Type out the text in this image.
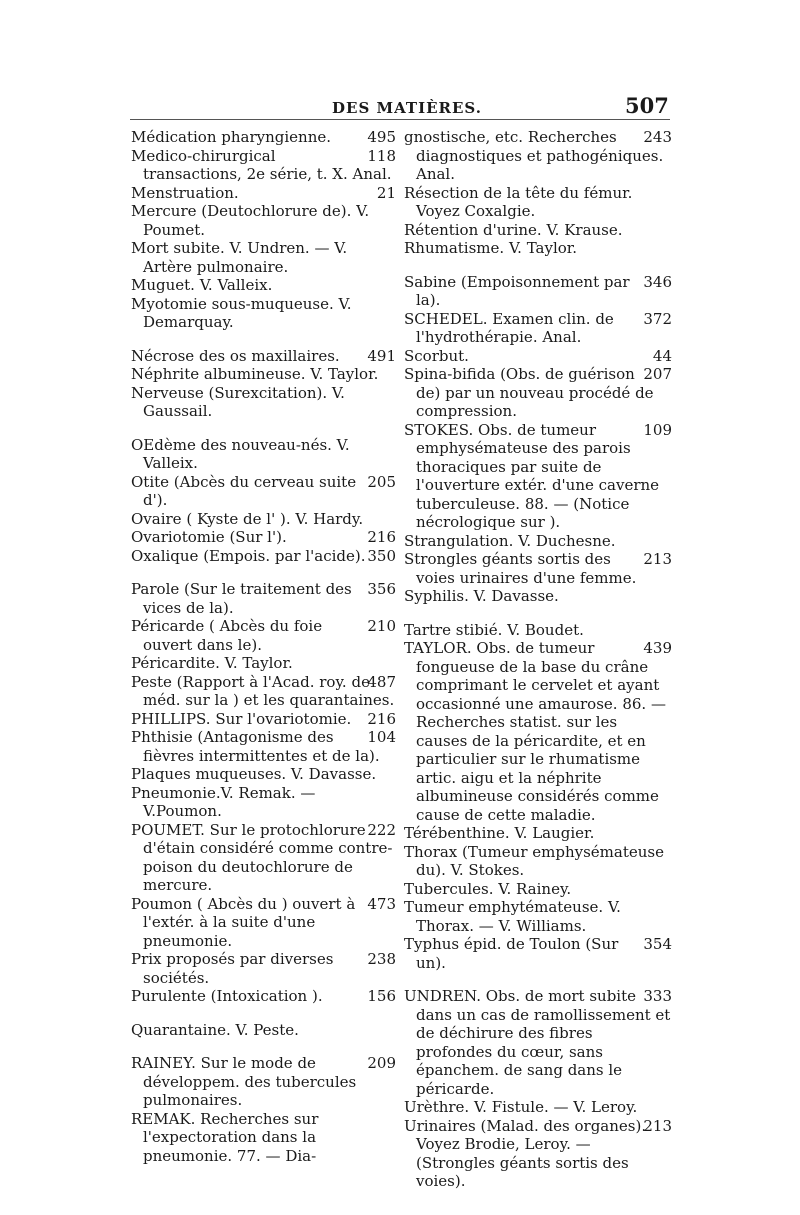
DES MATIÈRES.	507

495
Médication pharyngienne.

118
Medico-chirurgical transactions, 2e série, t. X. Anal.

21
Menstruation.

Mercure (Deutochlorure de). V. Poumet.

Mort subite. V. Undren. — V. Artère pulmonaire.

Muguet. V. Valleix.

Myotomie sous-muqueuse. V. Demarquay.

491
Nécrose des os maxillaires.

Néphrite albumineuse. V. Taylor.

Nerveuse (Surexcitation). V. Gaussail.

OEdème des nouveau-nés. V. Valleix.

205
Otite (Abcès du cerveau suite d').

Ovaire ( Kyste de l' ). V. Hardy.

216
Ovariotomie (Sur l').

350
Oxalique (Empois. par l'acide).

356
Parole (Sur le traitement des vices de la).

210
Péricarde ( Abcès du foie ouvert dans le).

Péricardite. V. Taylor.

487
Peste (Rapport à l'Acad. roy. de méd. sur la ) et les quarantaines.

216
PHILLIPS. Sur l'ovariotomie.

104
Phthisie (Antagonisme des fièvres intermittentes et de la).

Plaques muqueuses. V. Davasse.

Pneumonie.V. Remak. — V.Poumon.

222
POUMET. Sur le protochlorure d'étain considéré comme contre-poison du deutochlorure de mercure.

473
Poumon ( Abcès du ) ouvert à l'extér. à la suite d'une pneumonie.

238
Prix proposés par diverses sociétés.

156
Purulente (Intoxication ).

Quarantaine. V. Peste.

209
RAINEY. Sur le mode de développem. des tubercules pulmonaires.

REMAK. Recherches sur l'expectoration dans la pneumonie. 77. — Dia-

243
gnostische, etc. Recherches diagnostiques et pathogéniques. Anal.

Résection de la tête du fémur. Voyez Coxalgie.

Rétention d'urine. V. Krause.

Rhumatisme. V. Taylor.

346
Sabine (Empoisonnement par la).

372
SCHEDEL. Examen clin. de l'hydrothérapie. Anal.

44
Scorbut.

207
Spina-bifida (Obs. de guérison de) par un nouveau procédé de compression.

109
STOKES. Obs. de tumeur emphysémateuse des parois thoraciques par suite de l'ouverture extér. d'une caverne tuberculeuse. 88. — (Notice nécrologique sur ).

Strangulation. V. Duchesne.

213
Strongles géants sortis des voies urinaires d'une femme.

Syphilis. V. Davasse.

Tartre stibié. V. Boudet.

439
TAYLOR. Obs. de tumeur fongueuse de la base du crâne comprimant le cervelet et ayant occasionné une amaurose. 86. — Recherches statist. sur les causes de la péricardite, et en particulier sur le rhumatisme artic. aigu et la néphrite albumineuse considérés comme cause de cette maladie.

Térébenthine. V. Laugier.

Thorax (Tumeur emphysémateuse du). V. Stokes.

Tubercules. V. Rainey.

Tumeur emphytémateuse. V. Thorax. — V. Williams.

354
Typhus épid. de Toulon (Sur un).

333
UNDREN. Obs. de mort subite dans un cas de ramollissement et de déchirure des fibres profondes du cœur, sans épanchem. de sang dans le péricarde.

Urèthre. V. Fistule. — V. Leroy.

213
Urinaires (Malad. des organes). Voyez Brodie, Leroy. — (Strongles géants sortis des voies).
